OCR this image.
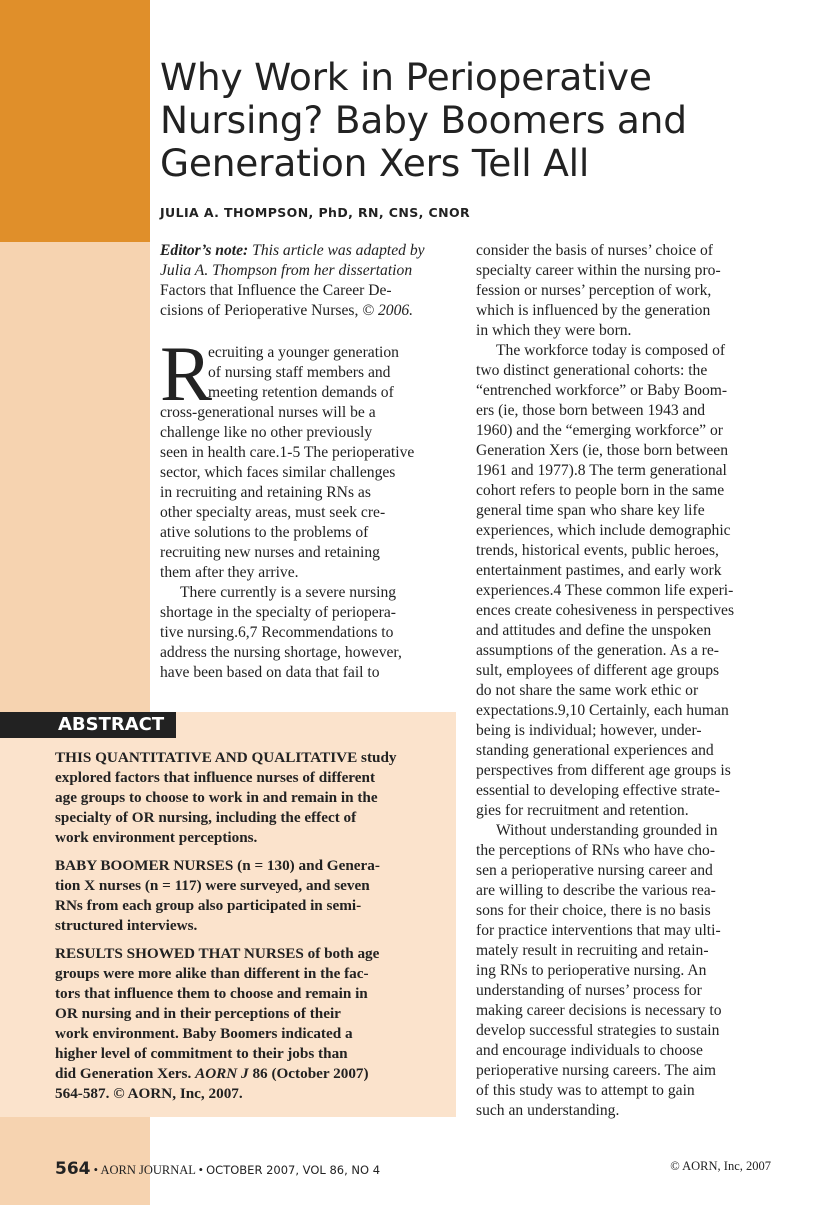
Why Work in Perioperative
Nursing? Baby Boomers and
Generation Xers Tell All
JULIA A. THOMPSON, PhD, RN, CNS, CNOR
Editor’s note: This article was adapted by
Julia A. Thompson from her dissertation
Factors that Influence the Career De-
cisions of Perioperative Nurses, © 2006.
R
ecruiting a younger generation
of nursing staff members and
meeting retention demands of
cross-generational nurses will be a
challenge like no other previously
seen in health care.1-5 The perioperative
sector, which faces similar challenges
in recruiting and retaining RNs as
other specialty areas, must seek cre-
ative solutions to the problems of
recruiting new nurses and retaining
them after they arrive.
There currently is a severe nursing
shortage in the specialty of periopera-
tive nursing.6,7 Recommendations to
address the nursing shortage, however,
have been based on data that fail to
consider the basis of nurses’ choice of
specialty career within the nursing pro-
fession or nurses’ perception of work,
which is influenced by the generation
in which they were born.
The workforce today is composed of
two distinct generational cohorts: the
“entrenched workforce” or Baby Boom-
ers (ie, those born between 1943 and
1960) and the “emerging workforce” or
Generation Xers (ie, those born between
1961 and 1977).8 The term generational
cohort refers to people born in the same
general time span who share key life
experiences, which include demographic
trends, historical events, public heroes,
entertainment pastimes, and early work
experiences.4 These common life experi-
ences create cohesiveness in perspectives
and attitudes and define the unspoken
assumptions of the generation. As a re-
sult, employees of different age groups
do not share the same work ethic or
expectations.9,10 Certainly, each human
being is individual; however, under-
standing generational experiences and
perspectives from different age groups is
essential to developing effective strate-
gies for recruitment and retention.
Without understanding grounded in
the perceptions of RNs who have cho-
sen a perioperative nursing career and
are willing to describe the various rea-
sons for their choice, there is no basis
for practice interventions that may ulti-
mately result in recruiting and retain-
ing RNs to perioperative nursing. An
understanding of nurses’ process for
making career decisions is necessary to
develop successful strategies to sustain
and encourage individuals to choose
perioperative nursing careers. The aim
of this study was to attempt to gain
such an understanding.
ABSTRACT
THIS QUANTITATIVE AND QUALITATIVE study
explored factors that influence nurses of different
age groups to choose to work in and remain in the
specialty of OR nursing, including the effect of
work environment perceptions.
BABY BOOMER NURSES (n = 130) and Genera-
tion X nurses (n = 117) were surveyed, and seven
RNs from each group also participated in semi-
structured interviews.
RESULTS SHOWED THAT NURSES of both age
groups were more alike than different in the fac-
tors that influence them to choose and remain in
OR nursing and in their perceptions of their
work environment. Baby Boomers indicated a
higher level of commitment to their jobs than
did Generation Xers. AORN J 86 (October 2007)
564-587. © AORN, Inc, 2007.
564 • AORN JOURNAL • OCTOBER 2007, VOL 86, NO 4	© AORN, Inc, 2007
